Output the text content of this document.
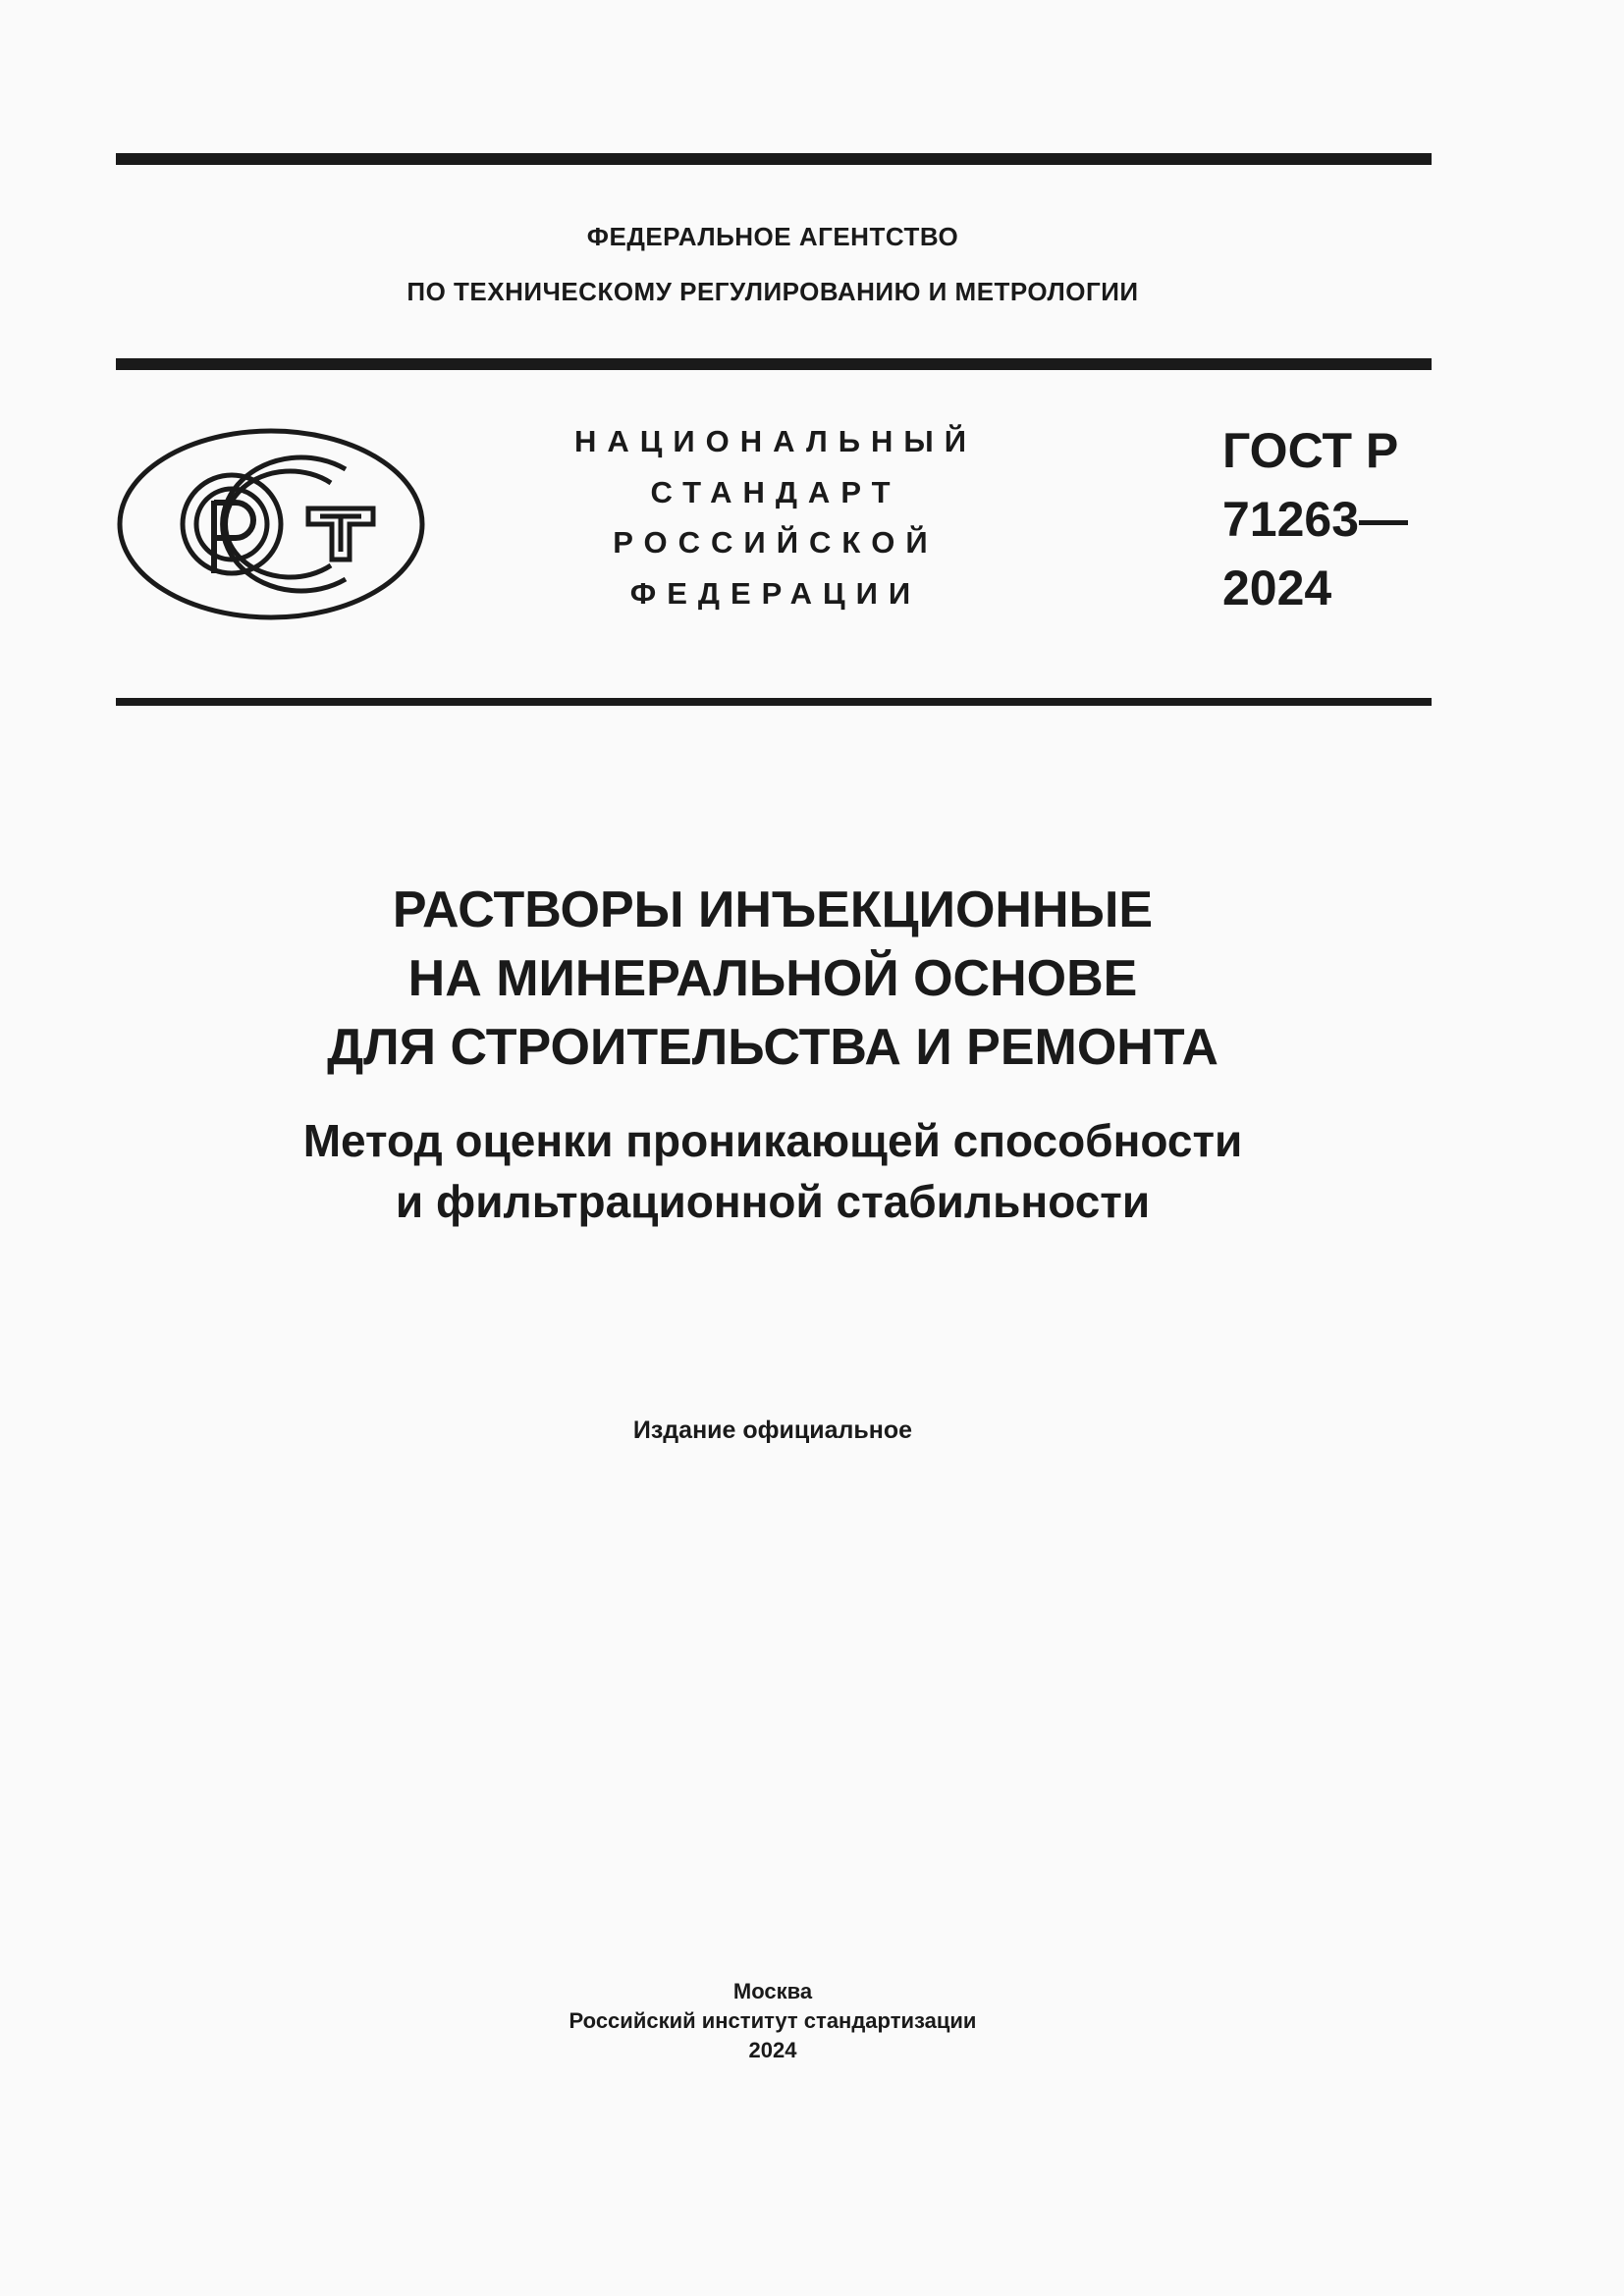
ФЕДЕРАЛЬНОЕ АГЕНТСТВО
ПО ТЕХНИЧЕСКОМУ РЕГУЛИРОВАНИЮ И МЕТРОЛОГИИ
НАЦИОНАЛЬНЫЙ
СТАНДАРТ
РОССИЙСКОЙ
ФЕДЕРАЦИИ
ГОСТ Р
71263—
2024
РАСТВОРЫ ИНЪЕКЦИОННЫЕ
НА МИНЕРАЛЬНОЙ ОСНОВЕ
ДЛЯ СТРОИТЕЛЬСТВА И РЕМОНТА
Метод оценки проникающей способности
и фильтрационной стабильности
Издание официальное
Москва
Российский институт стандартизации
2024
